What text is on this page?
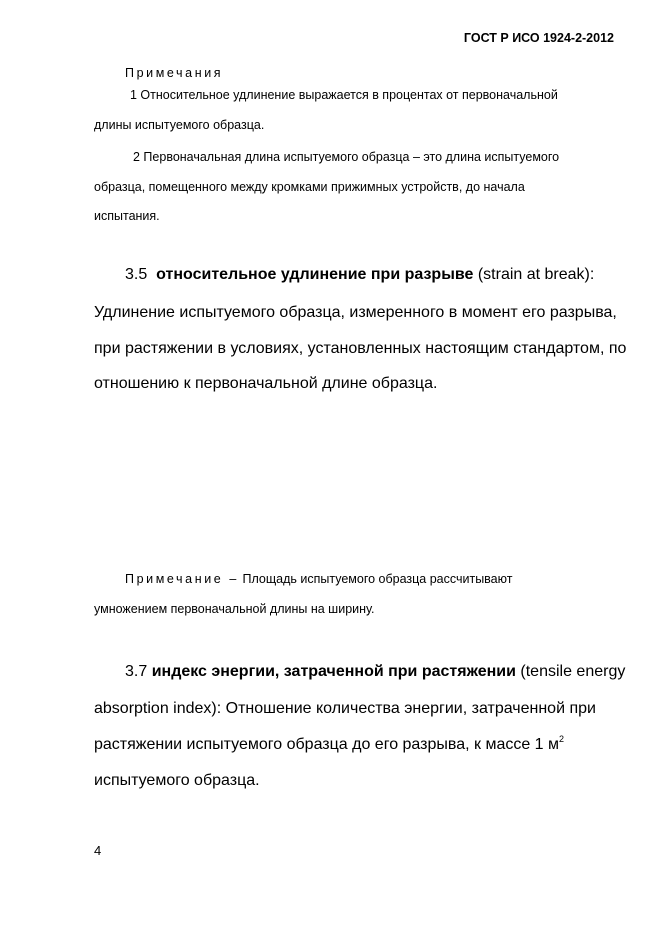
ГОСТ Р ИСО 1924-2-2012
Примечания
1 Относительное удлинение выражается в процентах от первоначальной
длины испытуемого образца.
2 Первоначальная длина испытуемого образца – это длина испытуемого
образца, помещенного между кромками прижимных устройств, до начала
испытания.
3.5 относительное удлинение при разрыве (strain at break):
Удлинение испытуемого образца, измеренного в момент его разрыва,
при растяжении в условиях, установленных настоящим стандартом, по
отношению к первоначальной длине образца.
Примечание – Площадь испытуемого образца рассчитывают
умножением первоначальной длины на ширину.
3.7 индекс энергии, затраченной при растяжении (tensile energy
absorption index): Отношение количества энергии, затраченной при
растяжении испытуемого образца до его разрыва, к массе 1 $м^2$
испытуемого образца.
4
